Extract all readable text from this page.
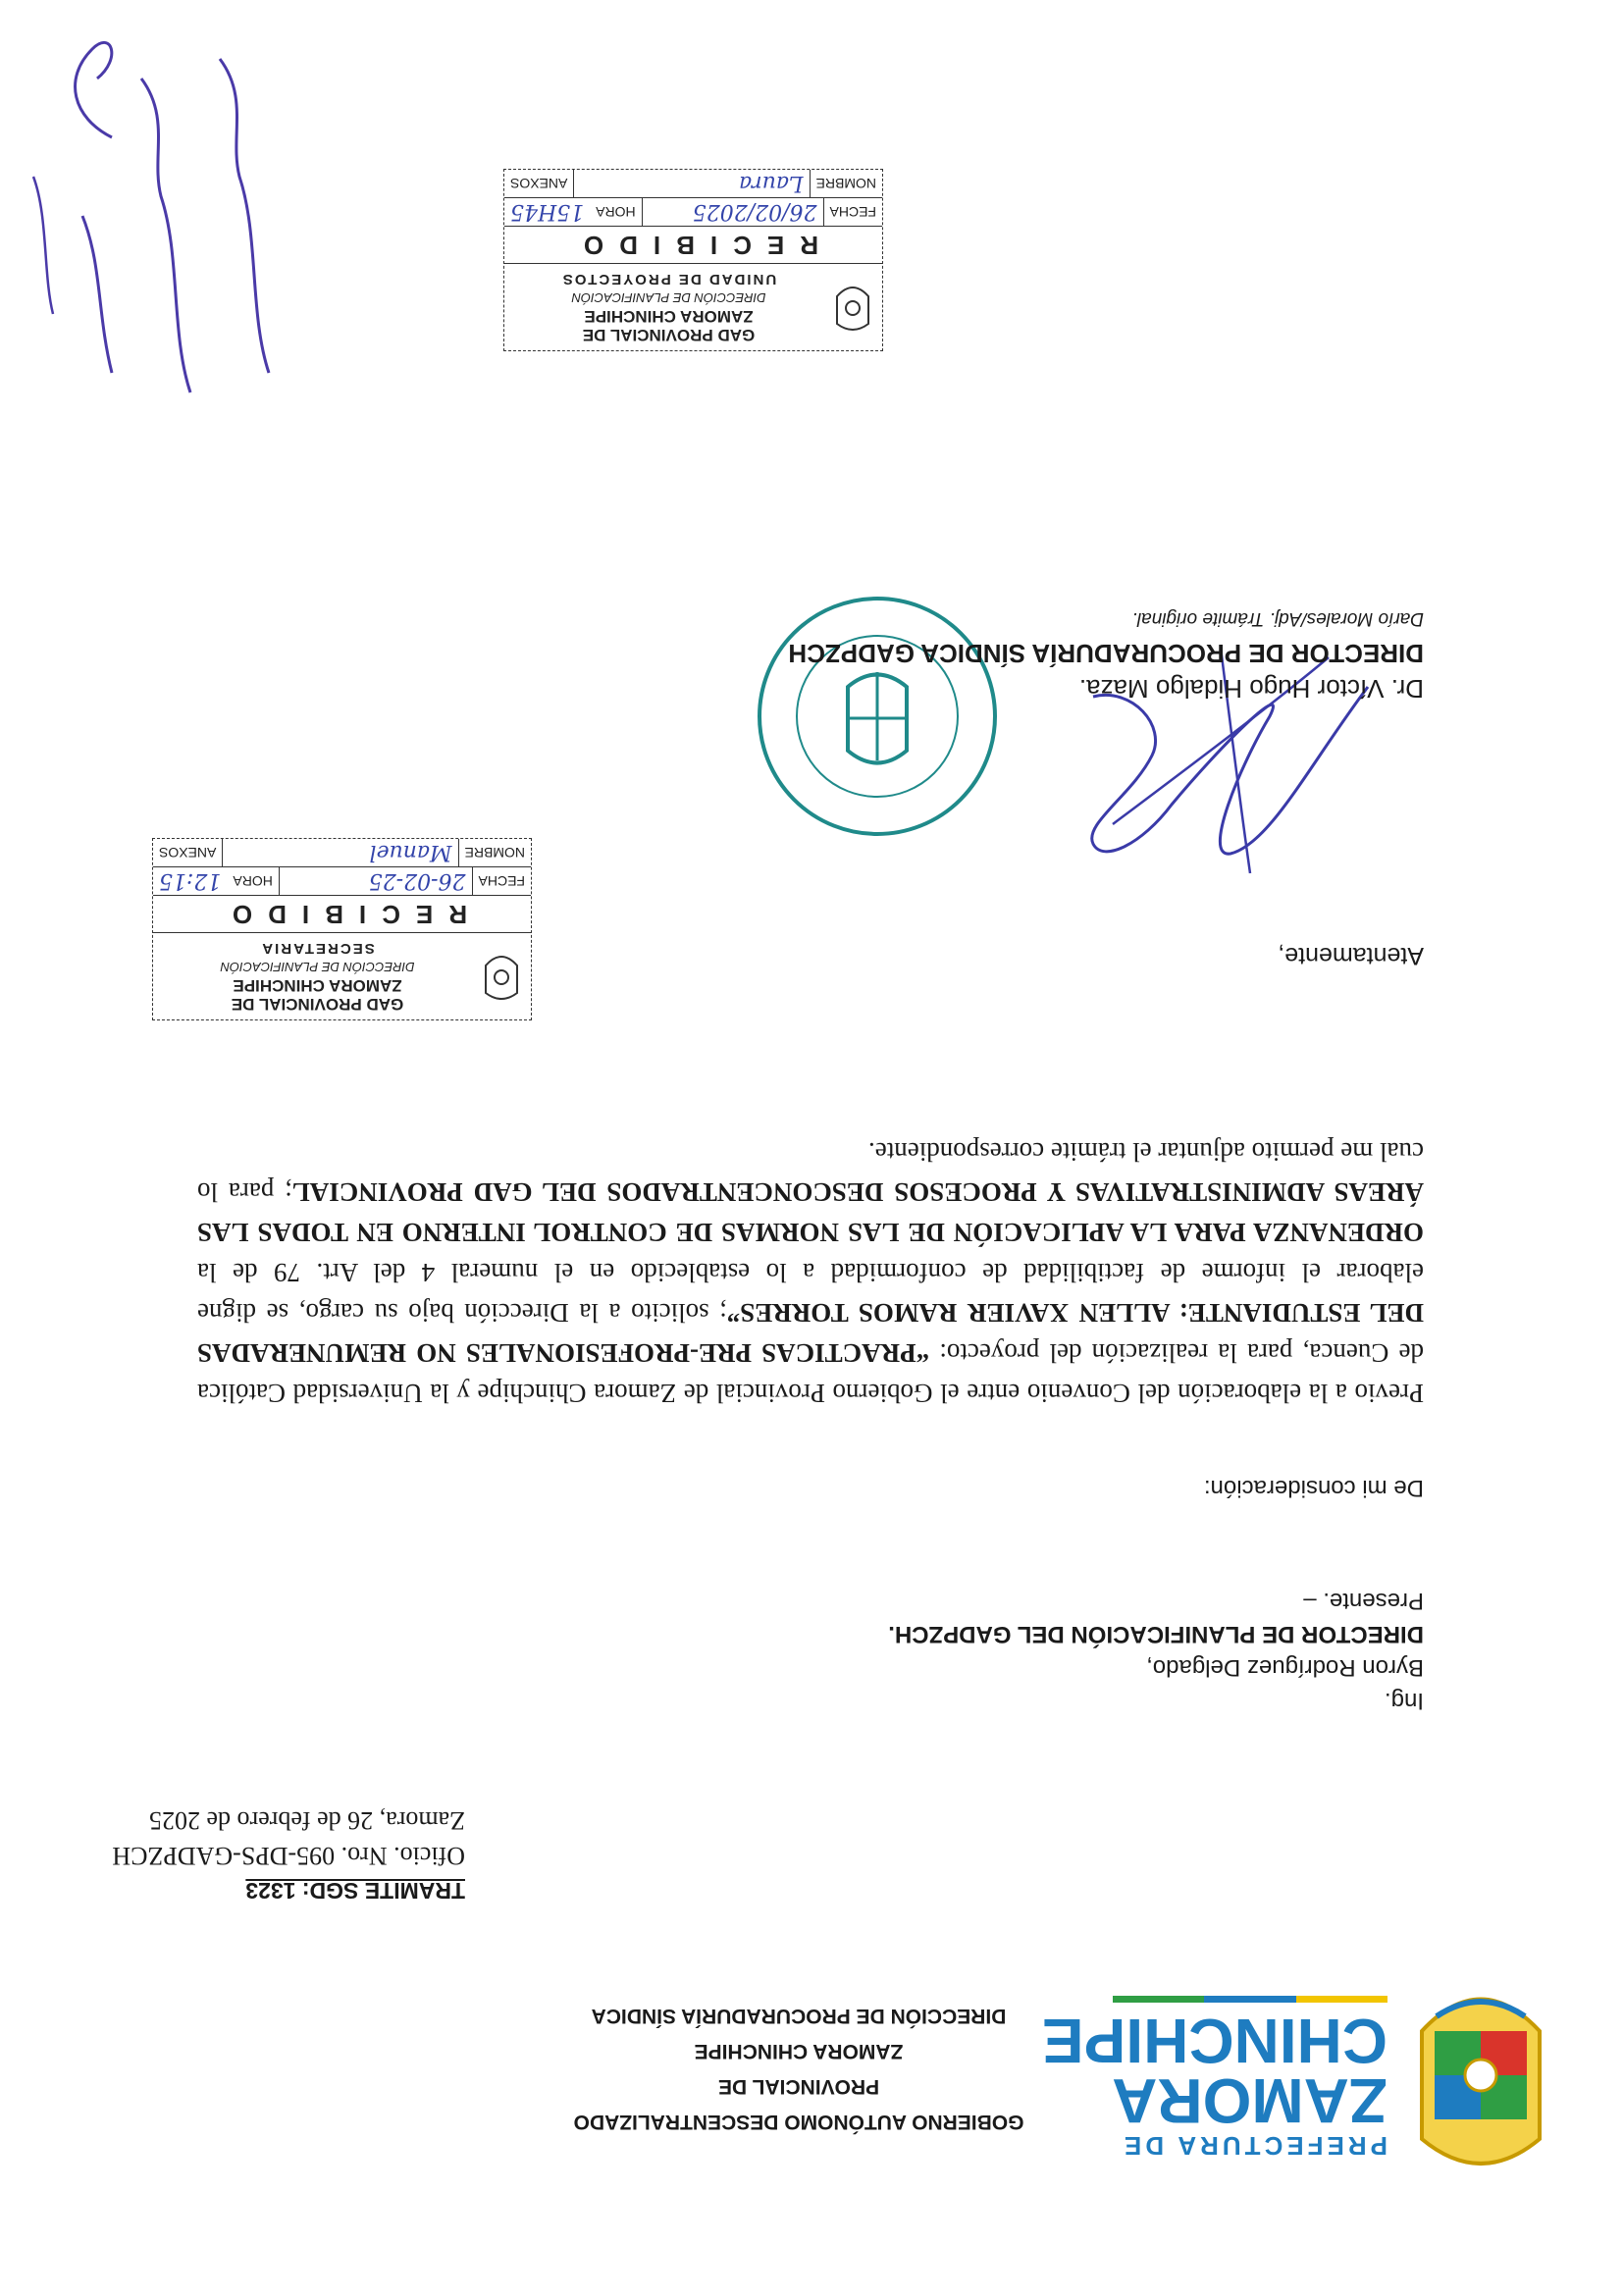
PREFECTURA DE
ZAMORA
CHINCHIPE
GOBIERNO AUTÓNOMO DESCENTRALIZADO PROVINCIAL DE
ZAMORA CHINCHIPE
DIRECCIÓN DE PROCURADURÍA SÍNDICA
TRAMITE SGD: 1323
Oficio. Nro. 095-DPS-GADPZCH
Zamora, 26 de febrero de 2025
Ing.
Byron Rodríguez Delgado,
DIRECTOR DE PLANIFICACIÓN DEL GADPZCH.
Presente. –
De mi consideración:

Previo a la elaboración del Convenio entre el Gobierno Provincial de Zamora Chinchipe y la Universidad Católica de Cuenca, para la realización del proyecto: “PRACTICAS PRE-PROFESIONALES NO REMUNERADAS DEL ESTUDIANTE: ALLEN XAVIER RAMOS TORRES”; solicito a la Dirección bajo su cargo, se digne elaborar el informe de factibilidad de conformidad a lo establecido en el numeral 4 del Art. 79 de la ORDENANZA PARA LA APLICACIÓN DE LAS NORMAS DE CONTROL INTERNO EN TODAS LAS ÁREAS ADMINISTRATIVAS Y PROCESOS DESCONCENTRADOS DEL GAD PROVINCIAL; para lo cual me permito adjuntar el trámite correspondiente.

Atentamente,
Dr. Víctor Hugo Hidalgo Maza.
DIRECTOR DE PROCURADURÍA SÍNDICA GADPZCH
Darío Morales/Adj. Trámite original.
GAD PROVINCIAL DE
ZAMORA CHINCHIPE
DIRECCIÓN DE PLANIFICACIÓN
SECRETARIA
RECIBIDO
FECHA
26-02-25
HORA
12:15
NOMBRE
Manuel
ANEXOS
GAD PROVINCIAL DE
ZAMORA CHINCHIPE
DIRECCIÓN DE PLANIFICACIÓN
UNIDAD DE PROYECTOS
RECIBIDO
FECHA
26/02/2025
HORA
15H45
NOMBRE
Laura
ANEXOS
